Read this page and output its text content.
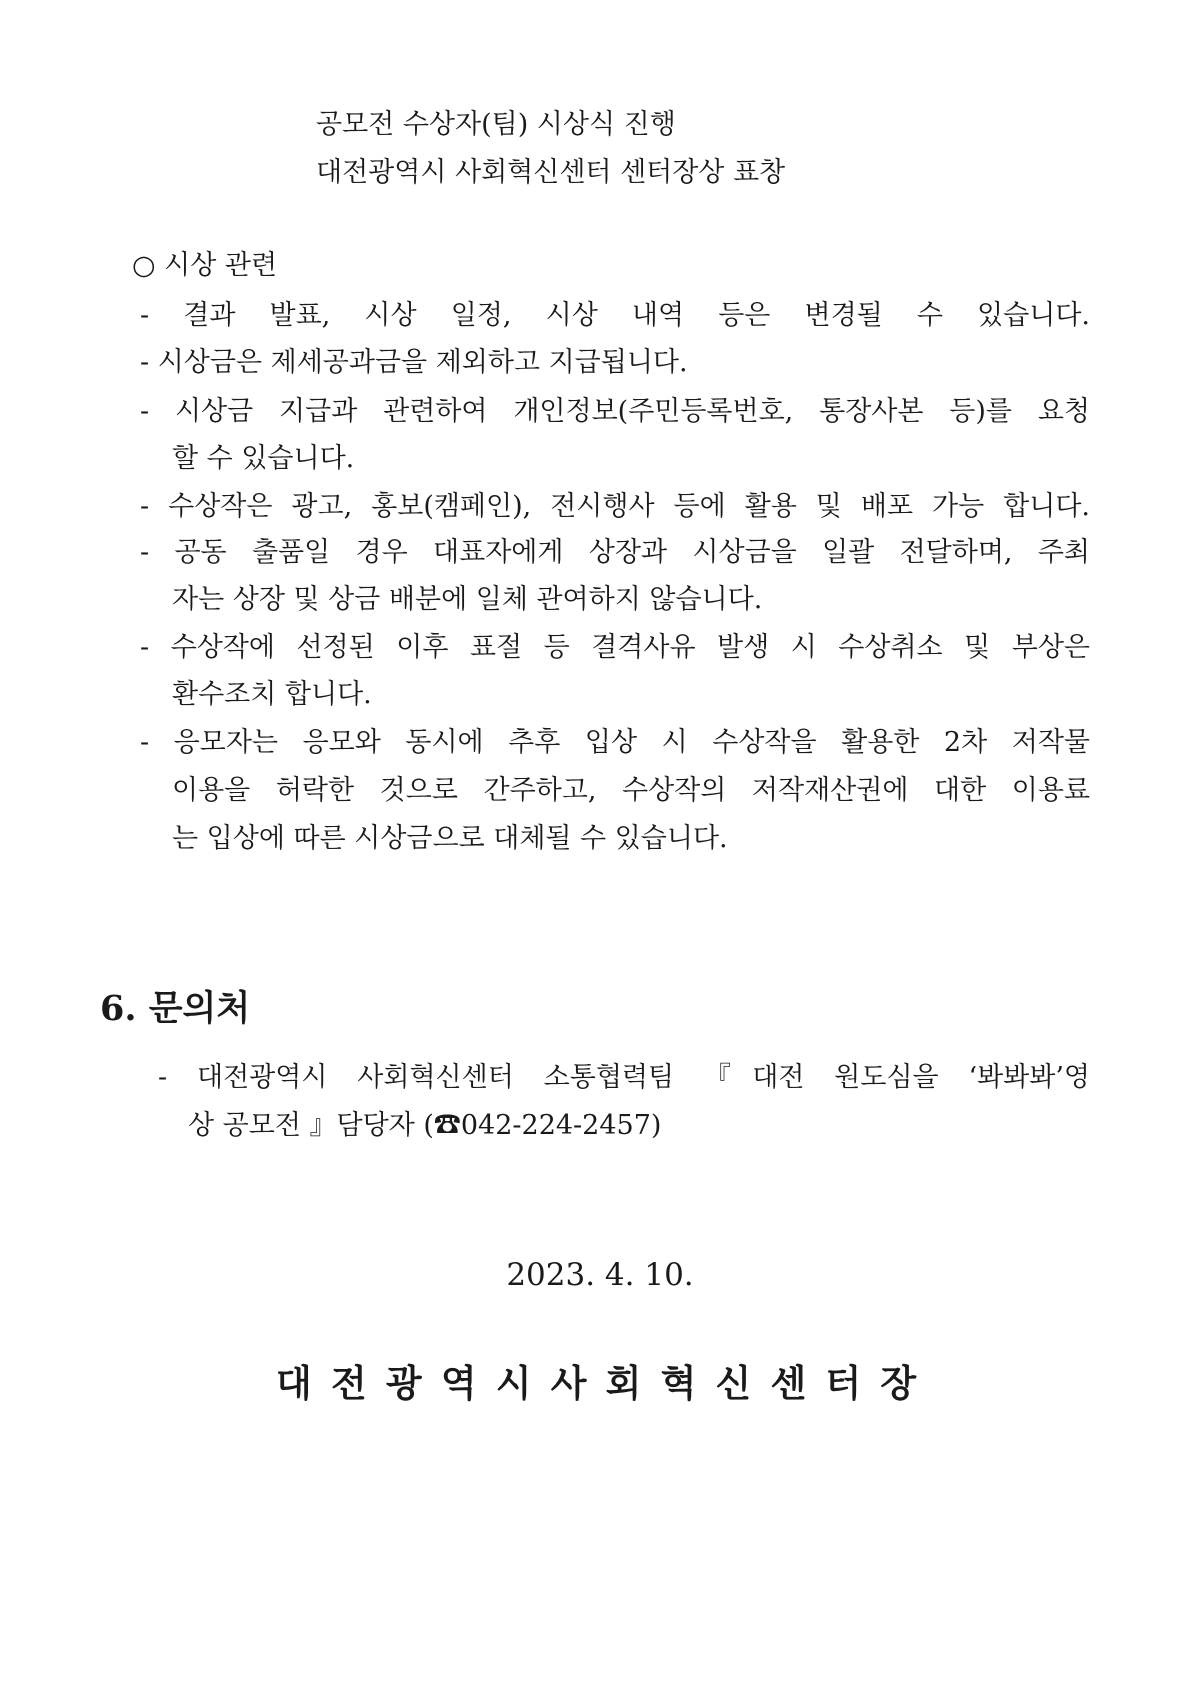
공모전 수상자(팀) 시상식 진행
대전광역시 사회혁신센터 센터장상 표창
○ 시상 관련
- 결과 발표, 시상 일정, 시상 내역 등은 변경될 수 있습니다.
- 시상금은 제세공과금을 제외하고 지급됩니다.
- 시상금 지급과 관련하여 개인정보(주민등록번호, 통장사본 등)를 요청
할 수 있습니다.
- 수상작은 광고, 홍보(캠페인), 전시행사 등에 활용 및 배포 가능 합니다.
- 공동 출품일 경우 대표자에게 상장과 시상금을 일괄 전달하며, 주최
자는 상장 및 상금 배분에 일체 관여하지 않습니다.
- 수상작에 선정된 이후 표절 등 결격사유 발생 시 수상취소 및 부상은
환수조치 합니다.
- 응모자는 응모와 동시에 추후 입상 시 수상작을 활용한 2차 저작물
이용을 허락한 것으로 간주하고, 수상작의 저작재산권에 대한 이용료
는 입상에 따른 시상금으로 대체될 수 있습니다.
6. 문의처
- 대전광역시 사회혁신센터 소통협력팀 『대전 원도심을 ‘봐봐봐’영
상 공모전 』담당자 (☎042-224-2457)
2023. 4. 10.
대 전 광 역 시 사 회 혁 신 센 터 장
